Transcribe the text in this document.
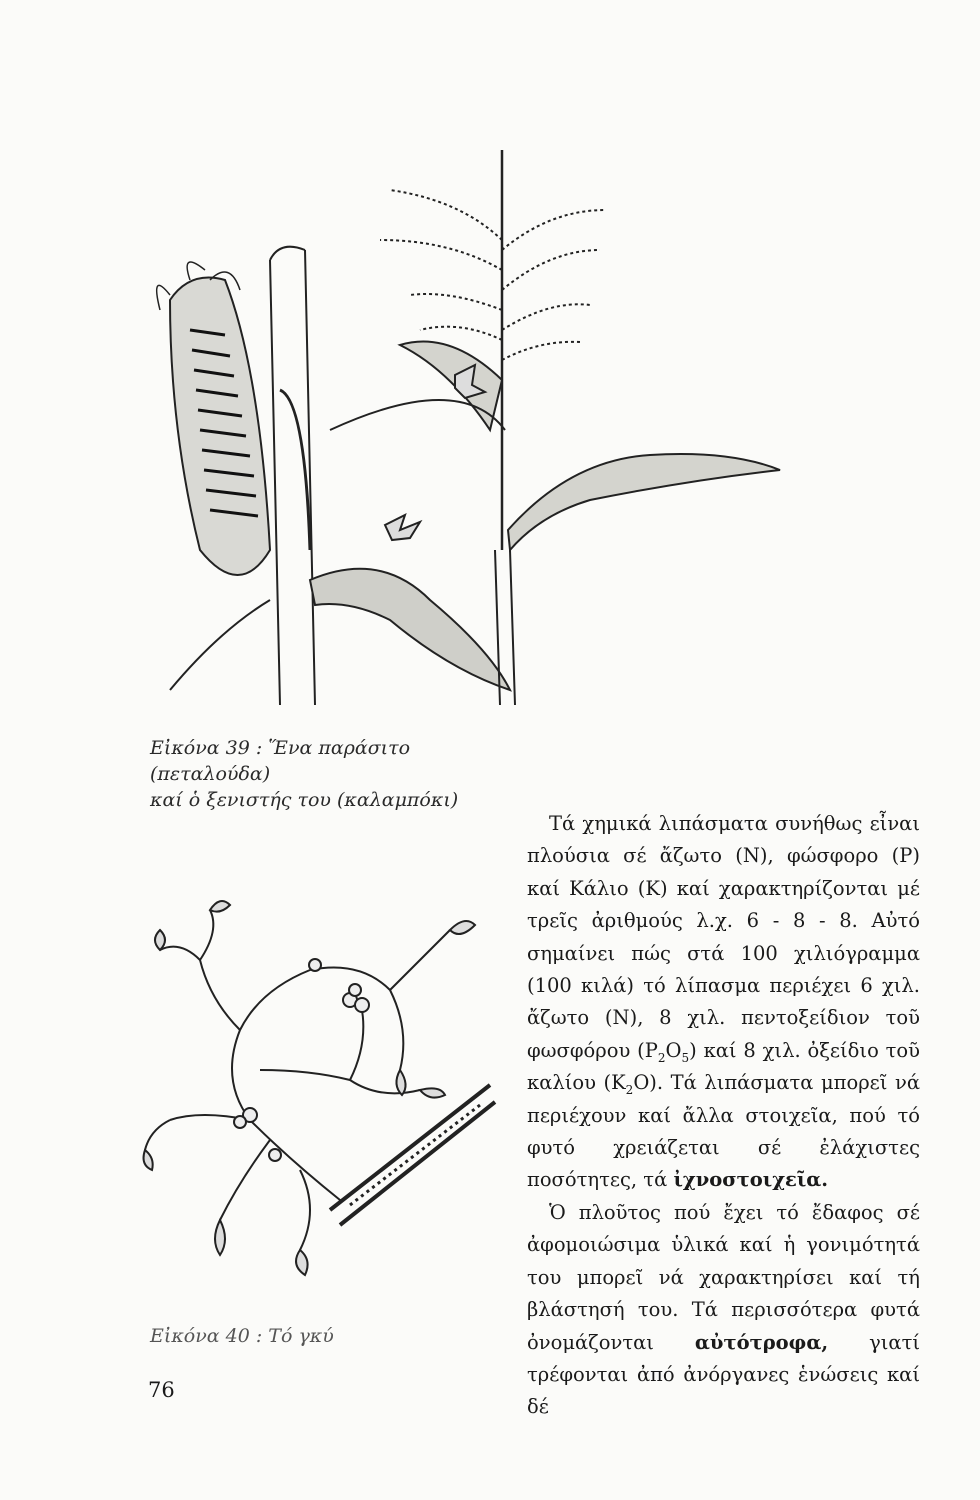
Εἰκόνα 39 : Ἕνα παράσιτο (πεταλούδα)
καί ὁ ξενιστής του (καλαμπόκι)
Εἰκόνα 40 : Τό γκύ

Τά χημικά λιπάσματα συνήθως εἶναι πλούσια σέ ἄζωτο (N), φώσφορο (P) καί Κάλιο (K) καί χαρακτηρίζονται μέ τρεῖς ἀριθμούς λ.χ. 6 - 8 - 8. Αὐτό σημαίνει πώς στά 100 χιλιόγραμμα (100 κιλά) τό λίπασμα περιέχει 6 χιλ. ἄζωτο (N), 8 χιλ. πεντοξείδιον τοῦ φωσφόρου $(P_2O_5)$ καί 8 χιλ. ὀξείδιο τοῦ καλίου $(K_2O)$. Τά λιπάσματα μπορεῖ νά περιέχουν καί ἄλλα στοιχεῖα, πού τό φυτό χρειάζεται σέ ἐλάχιστες ποσότητες, τά ἰχνοστοιχεῖα.

Ὁ πλοῦτος πού ἔχει τό ἔδαφος σέ ἀφομοιώσιμα ὑλικά καί ἡ γονιμότητά του μπορεῖ νά χαρακτηρίσει καί τή βλάστησή του. Τά περισσότερα φυτά ὀνομάζονται αὐτότροφα, γιατί τρέφονται ἀπό ἀνόργανες ἑνώσεις καί δέ

76
